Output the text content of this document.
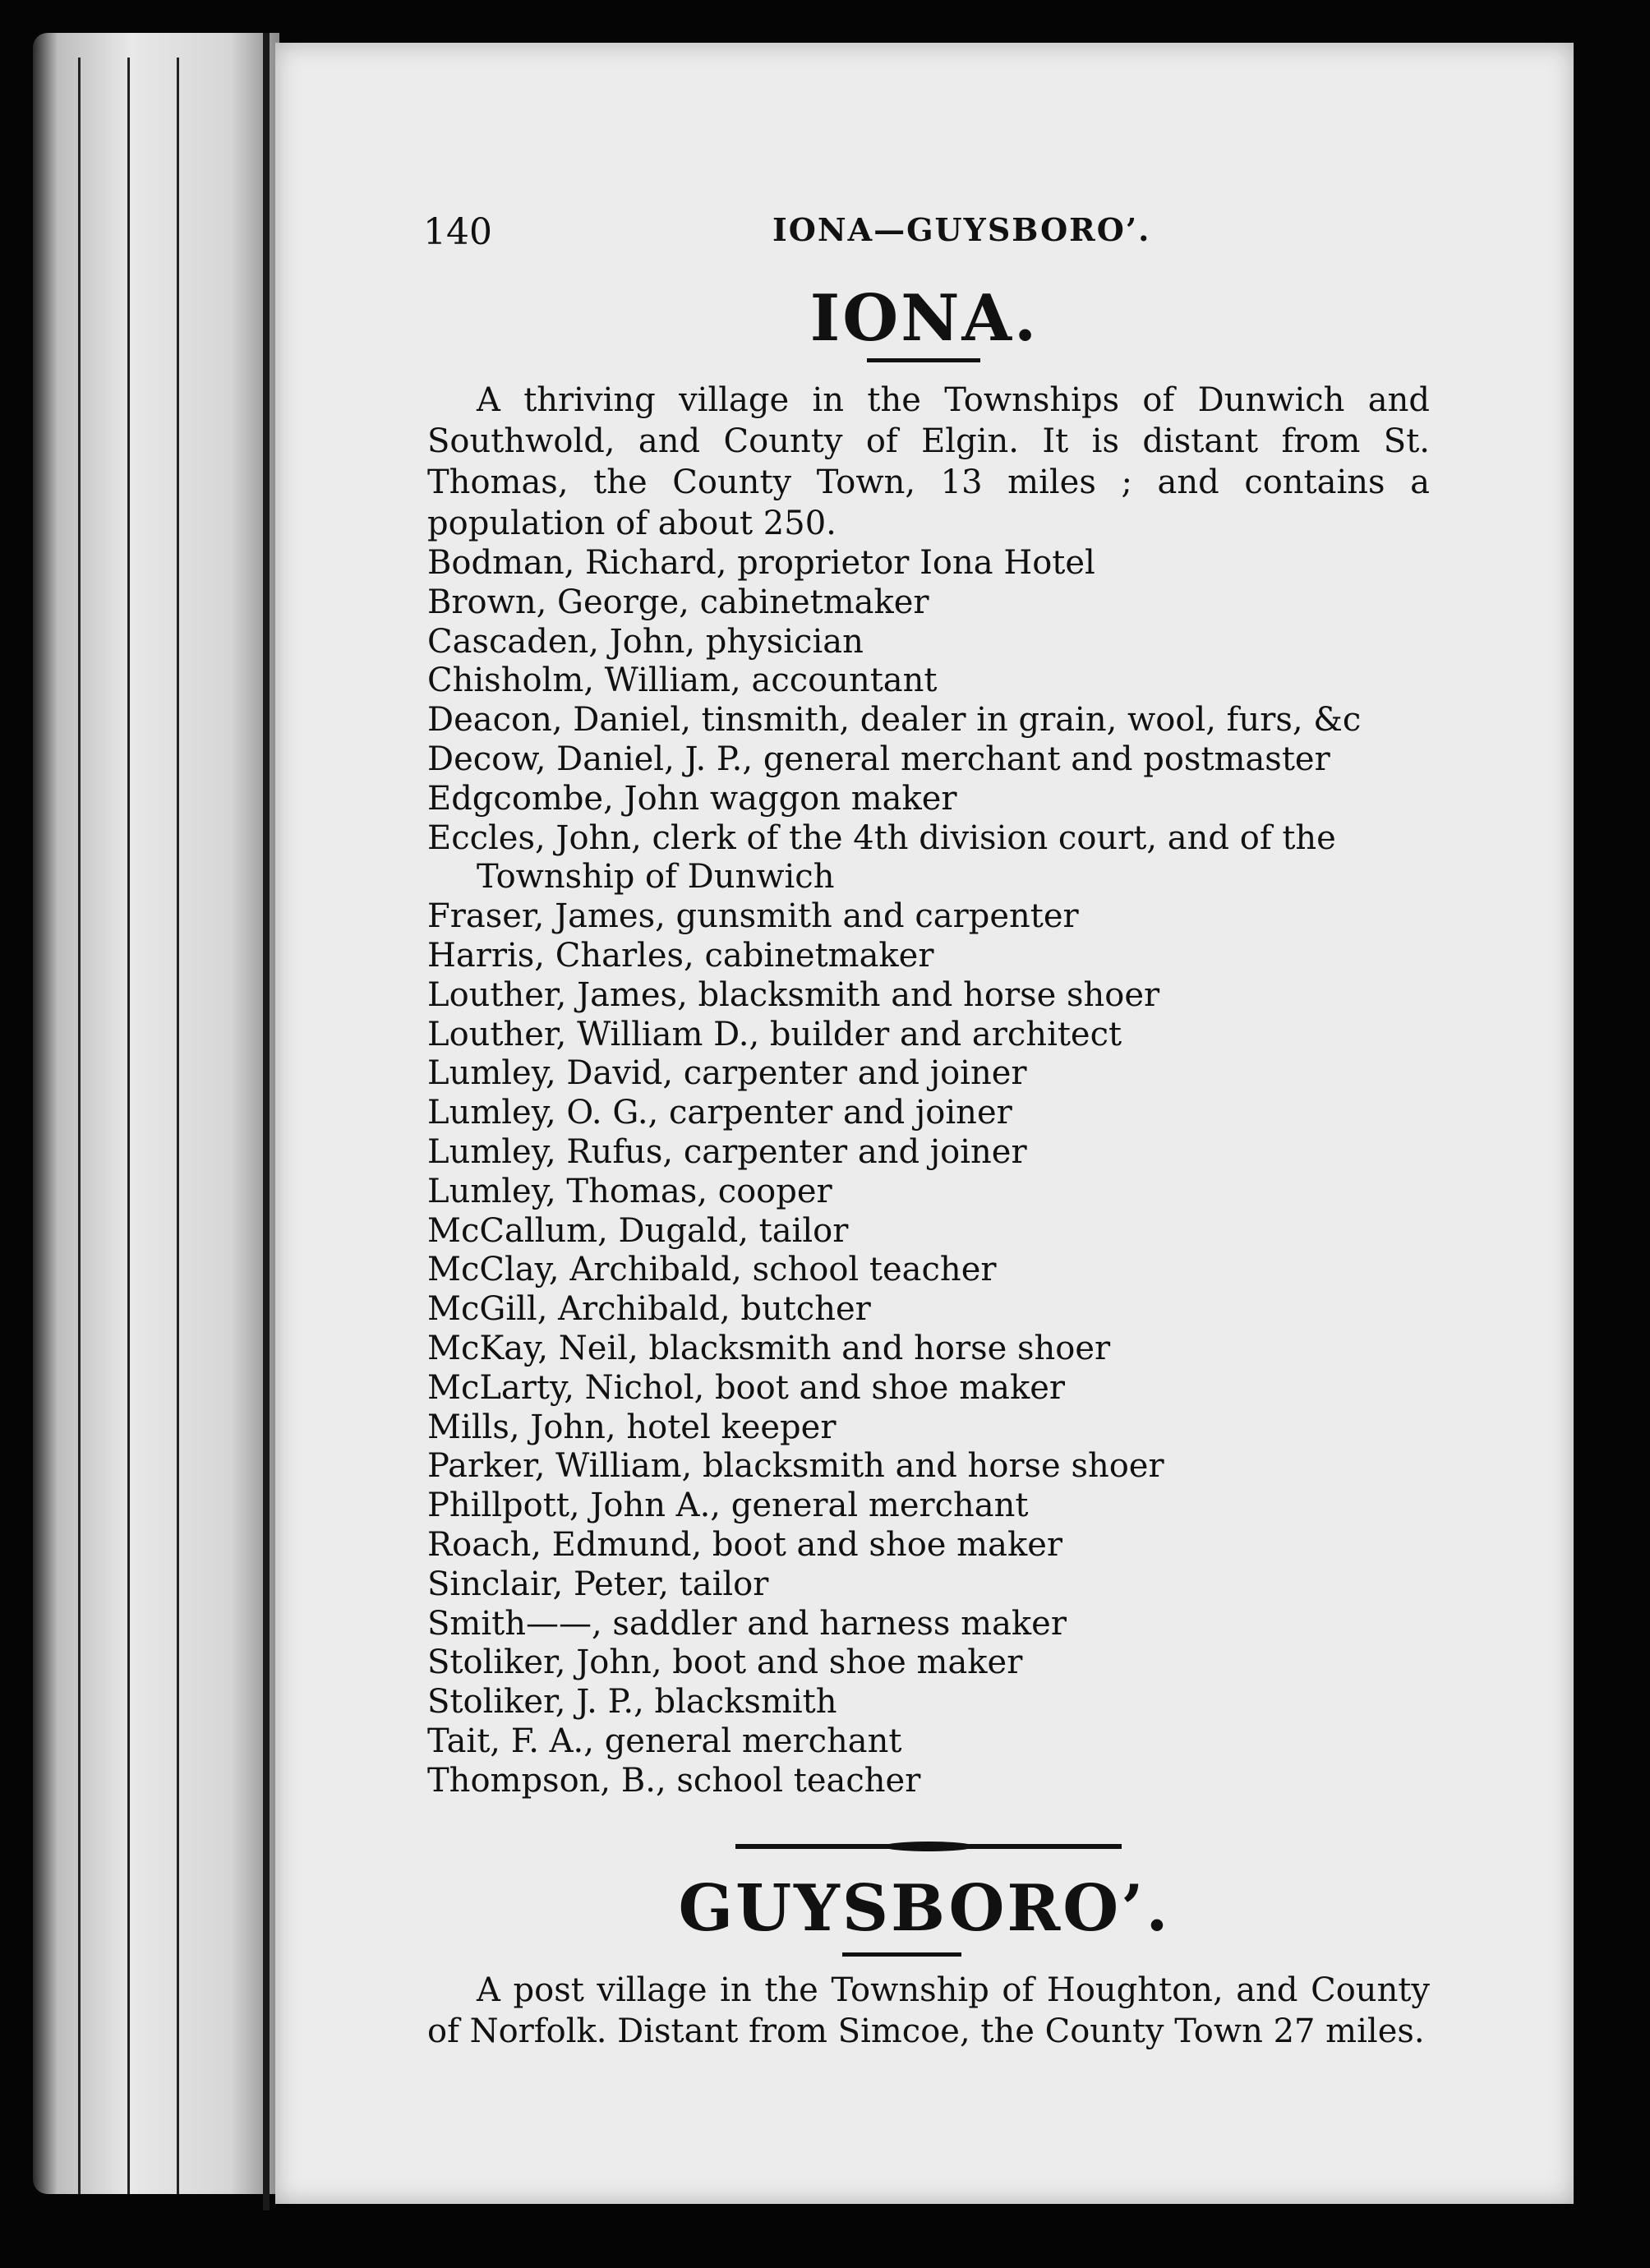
140	IONA—GUYSBORO’.
IONA.

A thriving village in the Townships of Dunwich and Southwold, and County of Elgin. It is distant from St. Thomas, the County Town, 13 miles ; and contains a population of about 250.

Bodman, Richard, proprietor Iona Hotel
Brown, George, cabinetmaker
Cascaden, John, physician
Chisholm, William, accountant
Deacon, Daniel, tinsmith, dealer in grain, wool, furs, &c
Decow, Daniel, J. P., general merchant and postmaster
Edgcombe, John waggon maker
Eccles, John, clerk of the 4th division court, and of the Township of Dunwich
Fraser, James, gunsmith and carpenter
Harris, Charles, cabinetmaker
Louther, James, blacksmith and horse shoer
Louther, William D., builder and architect
Lumley, David, carpenter and joiner
Lumley, O. G., carpenter and joiner
Lumley, Rufus, carpenter and joiner
Lumley, Thomas, cooper
McCallum, Dugald, tailor
McClay, Archibald, school teacher
McGill, Archibald, butcher
McKay, Neil, blacksmith and horse shoer
McLarty, Nichol, boot and shoe maker
Mills, John, hotel keeper
Parker, William, blacksmith and horse shoer
Phillpott, John A., general merchant
Roach, Edmund, boot and shoe maker
Sinclair, Peter, tailor
Smith——, saddler and harness maker
Stoliker, John, boot and shoe maker
Stoliker, J. P., blacksmith
Tait, F. A., general merchant
Thompson, B., school teacher
GUYSBORO’.

A post village in the Township of Houghton, and County of Norfolk. Distant from Simcoe, the County Town 27 miles.
